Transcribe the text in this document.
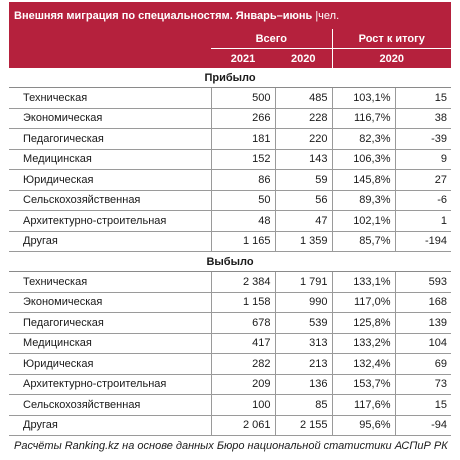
Внешняя миграция по специальностям. Январь–июнь |чел.				
	Всего		Рост к итогу	
	2021	2020	2020	
Прибыло				
Техническая	500	485	103,1%	15
Экономическая	266	228	116,7%	38
Педагогическая	181	220	82,3%	-39
Медицинская	152	143	106,3%	9
Юридическая	86	59	145,8%	27
Сельскохозяйственная	50	56	89,3%	-6
Архитектурно-строительная	48	47	102,1%	1
Другая	1 165	1 359	85,7%	-194
Выбыло				
Техническая	2 384	1 791	133,1%	593
Экономическая	1 158	990	117,0%	168
Педагогическая	678	539	125,8%	139
Медицинская	417	313	133,2%	104
Юридическая	282	213	132,4%	69
Архитектурно-строительная	209	136	153,7%	73
Сельскохозяйственная	100	85	117,6%	15
Другая	2 061	2 155	95,6%	-94
Расчёты Ranking.kz на основе данных Бюро национальной статистики АСПиР РК				
